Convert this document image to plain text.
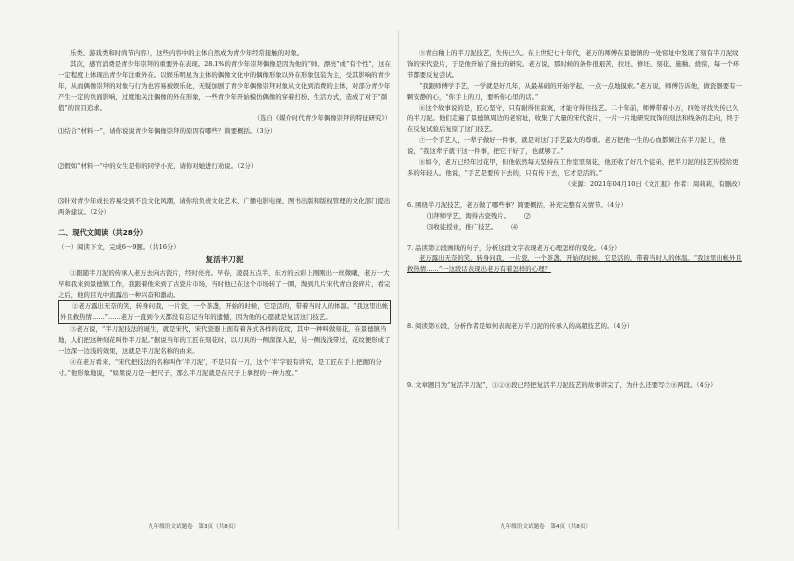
乐类、游戏类和时尚节内容），这些内容中的主体自然成为青少年经常接触的对象。

其次，感官消费是青少年崇拜的重要外在表现。28.1%的青少年崇拜偶像是因为他的“帅、漂亮”或“有个性”，这在一定程度上体现出青少年注重外在。以娱乐明星为主体的偶像文化中的偶像形象以外在形象包装为主，受其影响的青少年，从而偶像崇拜的对象与行为也容易被娱乐化，无疑加剧了青少年偶像崇拜对象从文化到消费的主体，对部分青少年产生一定的负面影响，过度地关注偶像的外在形象，一些青少年开始模仿偶像的穿着打扮、生活方式，造成了对于“颜值”的盲目追求。

（选自《媒介时代青少年偶像崇拜的特征研究》）

⑴结合“材料一”，请你说说青少年偶像崇拜的原因有哪些？简要概括。（3分）

⑵假如“材料一”中的女生是你的同学小充，请你对她进行劝说。（2分）

⑶针对青少年成长容易受到不良文化风潮，请你给负责文化艺术、广播电影电视、图书出版和版权管理的文化部门提出两条建议。（2分）

二、现代文阅读（共28分）

（一）阅读下文，完成6～9题。（共16分）

复活半刀泥

①跟随半刀泥的传承人老万去向古瓷片，经时亮亮。早春，凌晨五点半，东方的云彩上刚刚出一丝微曦，老万一大早和我来到景德镇工作，我跟着他来到了古瓷片市场，当时他已在这个市场转了一圈，淘到几片宋代青白瓷碎片，看完之后，他的目光中流露出一种兴奋和激动。

②老万露出无奈的笑，转身问我，一片瓷，一个茶盏，开始的时候，它是活的，带着当时人的体温。“我这里出帐外且救热情……”……老万一直到今天都没有忘记当年的遗憾，因为他的心愿就是复活这门技艺。

③老万说，“半刀泥技法的诞生，就是宋代，宋代瓷器上面有着各式各样的花纹，其中一种叫做刻花，在景德镇当地，人们把这种刻花叫作半刀泥。”据说当年的工匠在刻花时，以刀具的一侧深深入泥，另一侧浅浅带过，花纹便形成了一边深一边浅的效果，这就是半刀泥名称的由来。

④在老万看来，“宋代把技法的名称叫作‘半刀泥’，不是只有一刀，这个‘半’字很有讲究，是工匠在手上把握的分寸。”他形象地说，“如果说刀是一把尺子，那么半刀泥就是在尺子上拿捏的一种力度。”

九年级语文试题卷　第3页（共8页）

⑤青白釉上的半刀泥技艺，失传已久。在上世纪七十年代，老万的师傅在景德镇的一处窑址中发现了刻有半刀泥纹饰的宋代瓷片，于是他开始了漫长的研究。老万说，那时候的条件很艰苦，拉坯、修坯、刻花、施釉、烧窑，每一个环节都要反复尝试。

“我跟师傅学手艺，一学就是好几年，从最基础的开始学起，一点一点地摸索。”老万说，师傅告诉他，做瓷器要有一颗安静的心，“你手上的刀，要听你心里的话。”

⑥这个故事说的是，匠心坚守，只有耐得住寂寞，才能守得住技艺。二十年前，师傅带着小万，四处寻找失传已久的半刀泥。他们走遍了景德镇周边的老窑址，收集了大量的宋代瓷片，一片一片地研究纹饰的刻法和线条的走向，终于在反复试验后复原了这门技艺。

⑦一个手艺人，一辈子做好一件事，就是对这门手艺最大的尊重。老万把他一生的心血都倾注在半刀泥上，他说，“我这辈子就干这一件事，把它干好了，也就够了。”

⑧如今，老万已经年过花甲，但他依然每天坚持在工作室里刻花，他还收了好几个徒弟，把半刀泥的技艺传授给更多的年轻人。他说，“手艺是要传下去的，只有传下去，它才是活的。”

（来源：2021年04月10日《文汇报》作者：周莉莉，有删改）

6. 围绕半刀泥技艺，老万做了哪些事？简要概括，补充完整有关情节。（4分）

⑴拜师学艺，淘得古瓷残片。 ⑵
⑶收徒授业，推广技艺。 ⑷

7. 品读第②段画线的句子，分析这段文字表现老万心理怎样的变化。（4分）

老万露出无奈的笑，转身问我，一片瓷，一个茶盏，开始的时候，它是活的，带着当时人的体温。“我这里出帐外且救热情……”一这段话表现出老万有着怎样的心理？

8. 阅读第⑥段，分析作者是如何表现老万半刀泥的传承人的高超技艺的。（4分）

9. 文章题目为“复活半刀泥”，①②⑧段已经把复活半刀泥技艺的故事讲完了，为什么还要写⑦⑧两段。（4分）

九年级语文试题卷　第4页（共8页）
